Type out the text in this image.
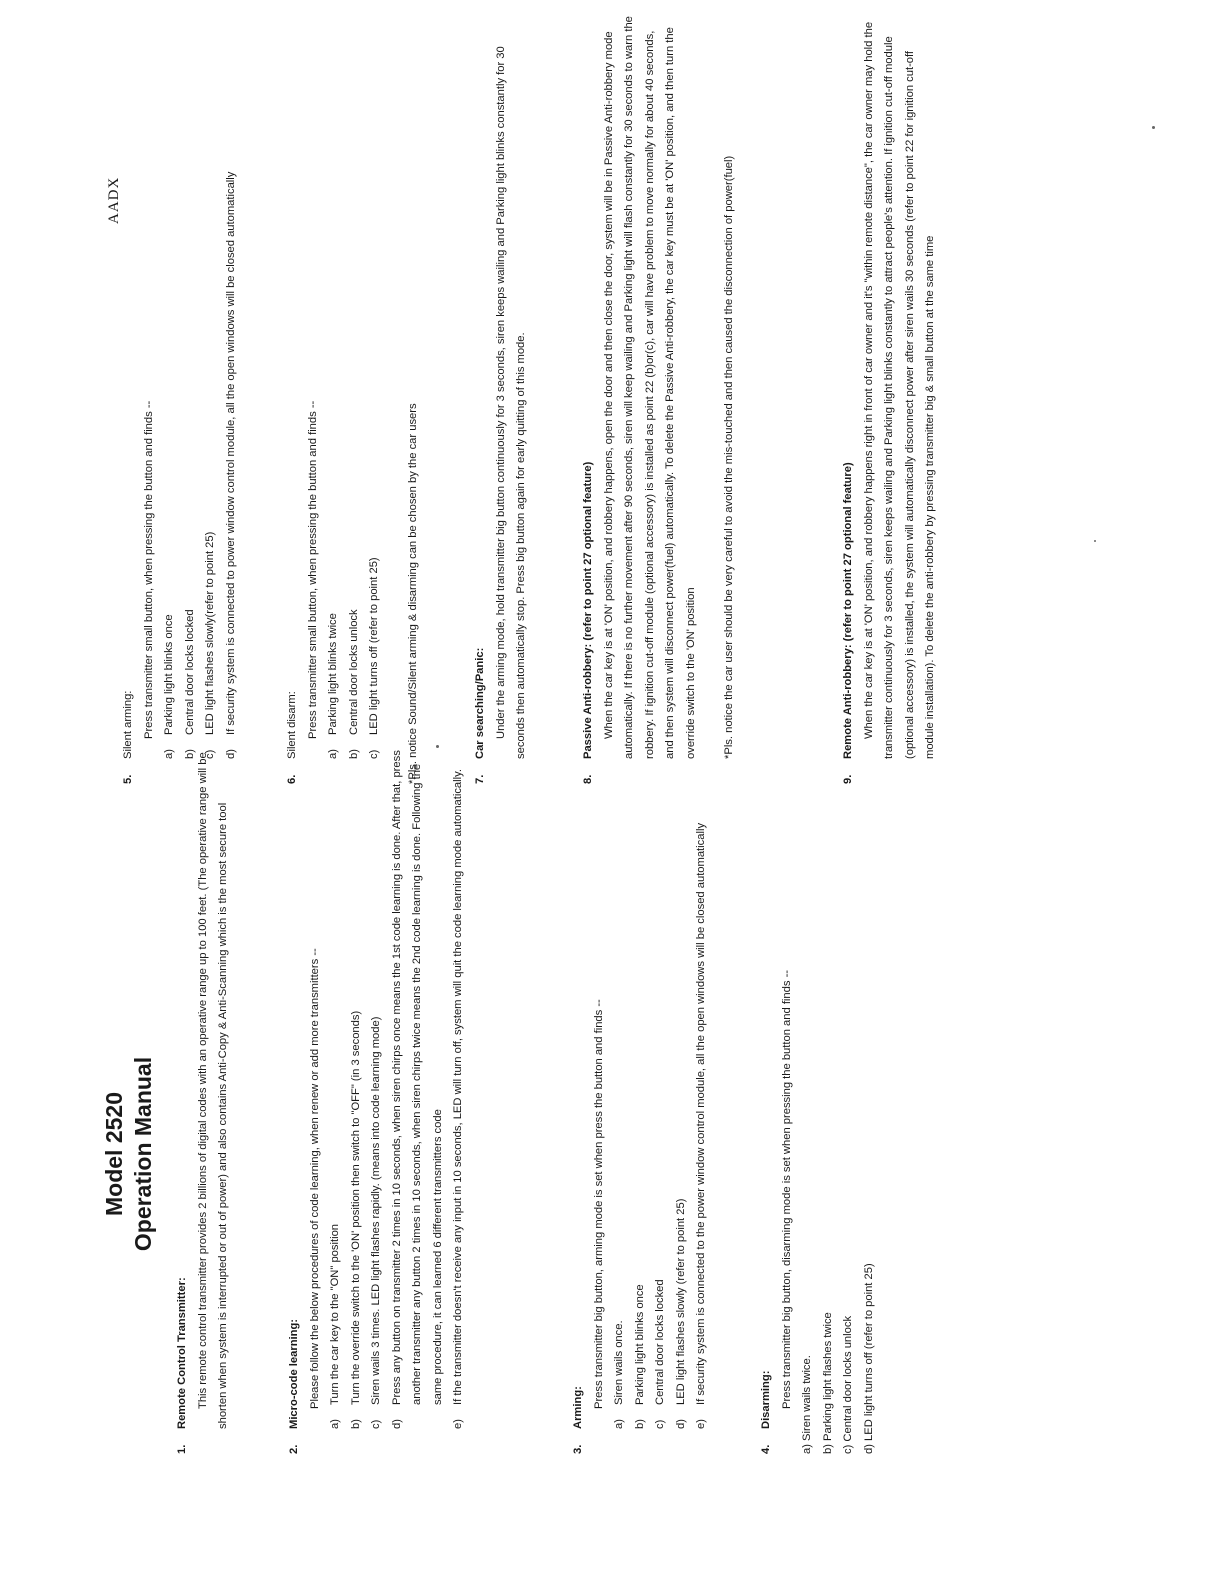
Model 2520 Operation Manual
AADX
1.
Remote Control Transmitter: This remote control transmitter provides 2 billions of digital codes with an operative range up to 100 feet. (The operative range will be shorten when system is interrupted or out of power) and also contains Anti-Copy & Anti-Scanning which is the most secure tool
2.
Micro-code learning: Please follow the below procedures of code learning, when renew or add more transmitters --
a)
Turn the car key to the "ON" position
b)
Turn the override switch to the 'ON' position then switch to "OFF" (in 3 seconds)
c)
Siren wails 3 times. LED light flashes rapidly. (means into code learning mode)
d)
Press any button on transmitter 2 times in 10 seconds, when siren chirps once means the 1st code learning is done. After that, press another transmitter any button 2 times in 10 seconds, when siren chirps twice means the 2nd code learning is done. Following the same procedure, it can learned 6 different transmitters code
e)
If the transmitter doesn't receive any input in 10 seconds, LED will turn off, system will quit the code learning mode automatically.
3.
Arming: Press transmitter big button, arming mode is set when press the button and finds --
a)
Siren wails once.
b)
Parking light blinks once
c)
Central door locks locked
d)
LED light flashes slowly (refer to point 25)
e)
If security system is connected to the power window control module, all the open windows will be closed automatically
4.
Disarming: Press transmitter big button, disarming mode is set when pressing the button and finds -- a) Siren wails twice. b) Parking light flashes twice c) Central door locks unlock d) LED light turns off (refer to point 25)
5.
Silent arming: Press transmitter small button, when pressing the button and finds --
a)
Parking light blinks once
b)
Central door locks locked
c)
LED light flashes slowly(refer to point 25)
d)
If security system is connected to power window control module, all the open windows will be closed automatically
6.
Silent disarm: Press transmitter small button, when pressing the button and finds --
a)
Parking light blinks twice
b)
Central door locks unlock
c)
LED light turns off (refer to point 25)	*Pls. notice Sound/Silent arming & disarming can be chosen by the car users	7.
Car searching/Panic: Under the arming mode, hold transmitter big button continuously for 3 seconds, siren keeps wailing and Parking light blinks constantly for 30 seconds then automatically stop. Press big button again for early quitting of this mode.
8.
Passive Anti-robbery: (refer to point 27 optional feature) When the car key is at 'ON' position, and robbery happens, open the door and then close the door, system will be in Passive Anti-robbery mode automatically. If there is no further movement after 90 seconds, siren will keep wailing and Parking light will flash constantly for 30 seconds to warn the robbery. If ignition cut-off module (optional accessory) is installed as point 22 (b)or(c), car will have problem to move normally for about 40 seconds, and then system will disconnect power(fuel) automatically. To delete the Passive Anti-robbery, the car key must be at 'ON' position, and then turn the override switch to the 'ON' position	*Pls. notice the car user should be very careful to avoid the mis-touched and then caused the disconnection of power(fuel)
9.
Remote Anti-robbery: (refer to point 27 optional feature) When the car key is at 'ON' position, and robbery happens right in front of car owner and it's "within remote distance", the car owner may hold the transmitter continuously for 3 seconds, siren keeps wailing and Parking light blinks constantly to attract people's attention. If ignition cut-off module (optional accessory) is installed, the system will automatically disconnect power after siren wails 30 seconds (refer to point 22 for ignition cut-off module installation). To delete the anti-robbery by pressing transmitter big & small button at the same time
